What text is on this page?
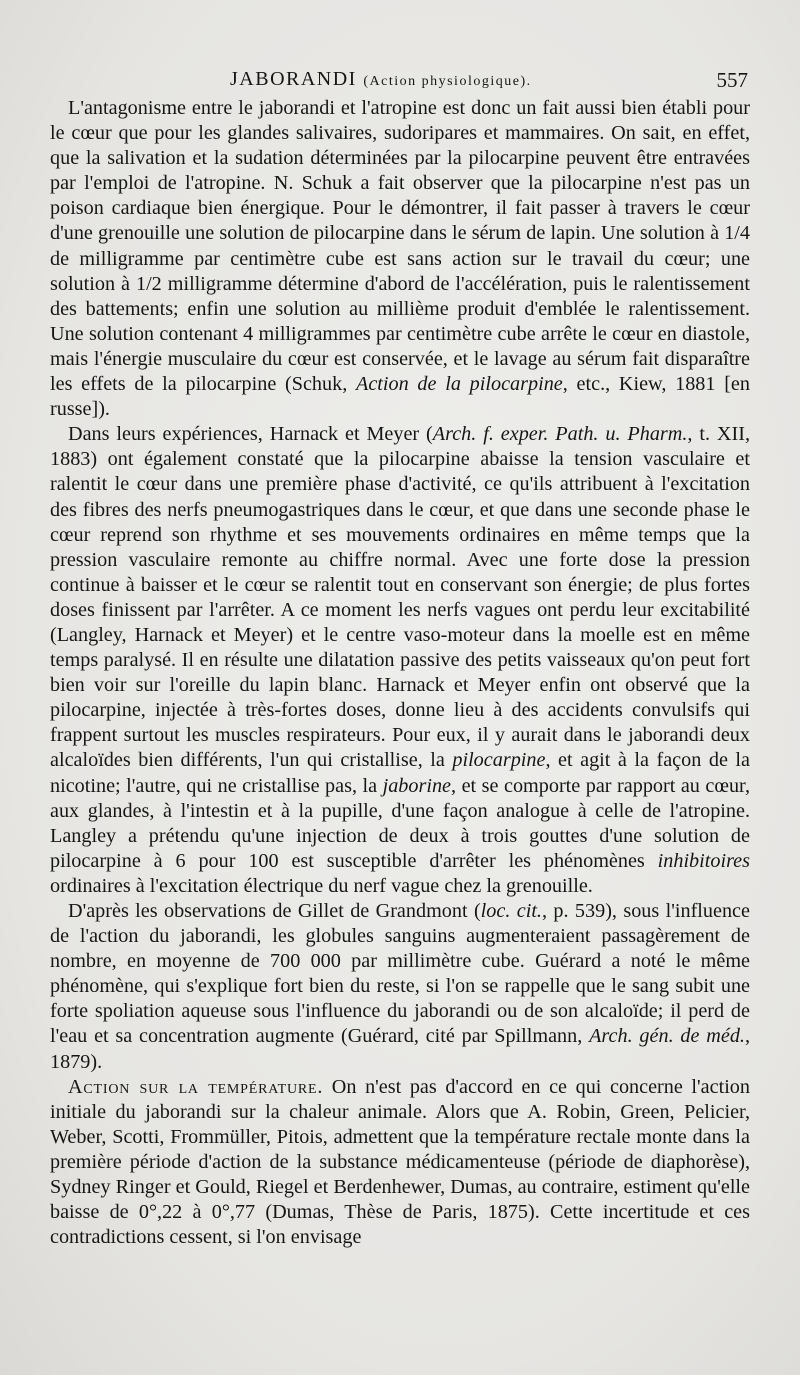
JABORANDI (Action physiologique).	557

L'antagonisme entre le jaborandi et l'atropine est donc un fait aussi bien établi pour le cœur que pour les glandes salivaires, sudoripares et mammaires. On sait, en effet, que la salivation et la sudation déterminées par la pilocarpine peuvent être entravées par l'emploi de l'atropine. N. Schuk a fait observer que la pilocarpine n'est pas un poison cardiaque bien énergique. Pour le démontrer, il fait passer à travers le cœur d'une grenouille une solution de pilocarpine dans le sérum de lapin. Une solution à 1/4 de milligramme par centimètre cube est sans action sur le travail du cœur; une solution à 1/2 milligramme détermine d'abord de l'accélération, puis le ralentissement des battements; enfin une solution au millième produit d'emblée le ralentissement. Une solution contenant 4 milligrammes par centimètre cube arrête le cœur en diastole, mais l'énergie musculaire du cœur est conservée, et le lavage au sérum fait disparaître les effets de la pilocarpine (Schuk, Action de la pilocarpine, etc., Kiew, 1881 [en russe]).

Dans leurs expériences, Harnack et Meyer (Arch. f. exper. Path. u. Pharm., t. XII, 1883) ont également constaté que la pilocarpine abaisse la tension vasculaire et ralentit le cœur dans une première phase d'activité, ce qu'ils attribuent à l'excitation des fibres des nerfs pneumogastriques dans le cœur, et que dans une seconde phase le cœur reprend son rhythme et ses mouvements ordinaires en même temps que la pression vasculaire remonte au chiffre normal. Avec une forte dose la pression continue à baisser et le cœur se ralentit tout en conservant son énergie; de plus fortes doses finissent par l'arrêter. A ce moment les nerfs vagues ont perdu leur excitabilité (Langley, Harnack et Meyer) et le centre vaso-moteur dans la moelle est en même temps paralysé. Il en résulte une dilatation passive des petits vaisseaux qu'on peut fort bien voir sur l'oreille du lapin blanc. Harnack et Meyer enfin ont observé que la pilocarpine, injectée à très-fortes doses, donne lieu à des accidents convulsifs qui frappent surtout les muscles respirateurs. Pour eux, il y aurait dans le jaborandi deux alcaloïdes bien différents, l'un qui cristallise, la pilocarpine, et agit à la façon de la nicotine; l'autre, qui ne cristallise pas, la jaborine, et se comporte par rapport au cœur, aux glandes, à l'intestin et à la pupille, d'une façon analogue à celle de l'atropine. Langley a prétendu qu'une injection de deux à trois gouttes d'une solution de pilocarpine à 6 pour 100 est susceptible d'arrêter les phénomènes inhibitoires ordinaires à l'excitation électrique du nerf vague chez la grenouille.

D'après les observations de Gillet de Grandmont (loc. cit., p. 539), sous l'influence de l'action du jaborandi, les globules sanguins augmenteraient passagèrement de nombre, en moyenne de 700 000 par millimètre cube. Guérard a noté le même phénomène, qui s'explique fort bien du reste, si l'on se rappelle que le sang subit une forte spoliation aqueuse sous l'influence du jaborandi ou de son alcaloïde; il perd de l'eau et sa concentration augmente (Guérard, cité par Spillmann, Arch. gén. de méd., 1879).

Action sur la température. On n'est pas d'accord en ce qui concerne l'action initiale du jaborandi sur la chaleur animale. Alors que A. Robin, Green, Pelicier, Weber, Scotti, Frommüller, Pitois, admettent que la température rectale monte dans la première période d'action de la substance médicamenteuse (période de diaphorèse), Sydney Ringer et Gould, Riegel et Berdenhewer, Dumas, au contraire, estiment qu'elle baisse de 0°,22 à 0°,77 (Dumas, Thèse de Paris, 1875). Cette incertitude et ces contradictions cessent, si l'on envisage
